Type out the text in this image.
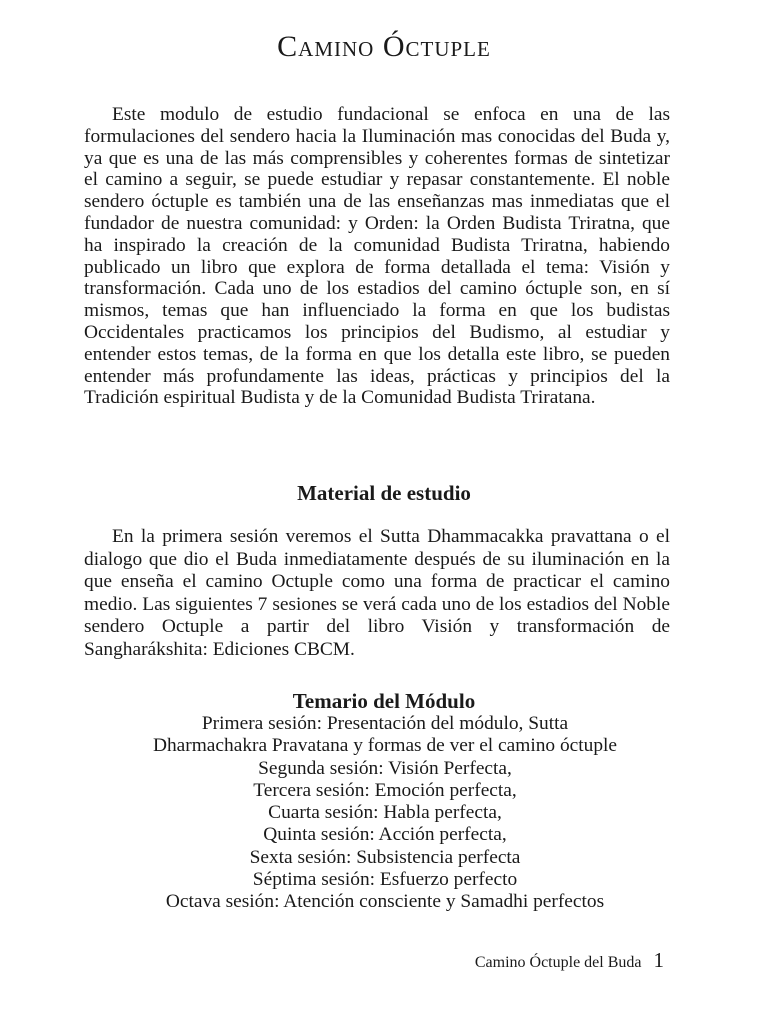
Camino Óctuple

Este modulo de estudio fundacional se enfoca en una de las formulaciones del sendero hacia la Iluminación mas conocidas del Buda y, ya que es una de las más comprensibles y coherentes formas de sintetizar el camino a seguir, se puede estudiar y repasar constantemente. El noble sendero óctuple es también una de las enseñanzas mas inmediatas que el fundador de nuestra comunidad: y Orden: la Orden Budista Triratna, que ha inspirado la creación de la comunidad Budista Triratna, habiendo publicado un libro que explora de forma detallada el tema: Visión y transformación. Cada uno de los estadios del camino óctuple son, en sí mismos, temas que han influenciado la forma en que los budistas Occidentales practicamos los principios del Budismo, al estudiar y entender estos temas, de la forma en que los detalla este libro, se pueden entender más profundamente las ideas, prácticas y principios del la Tradición espiritual Budista y de la Comunidad Budista Triratana.

Material de estudio

En la primera sesión veremos el Sutta Dhammacakka pravattana o el dialogo que dio el Buda inmediatamente después de su iluminación en la que enseña el camino Octuple como una forma de practicar el camino medio. Las siguientes 7 sesiones se verá cada uno de los estadios del Noble sendero Octuple a partir del libro Visión y transformación de Sangharákshita: Ediciones CBCM.

Temario del Módulo
Primera sesión: Presentación del módulo, Sutta
Dharmachakra Pravatana y formas de ver el camino óctuple
Segunda sesión: Visión Perfecta,
Tercera sesión: Emoción perfecta,
Cuarta sesión: Habla perfecta,
Quinta sesión: Acción perfecta,
Sexta sesión: Subsistencia perfecta
Séptima sesión: Esfuerzo perfecto
Octava sesión: Atención consciente y Samadhi perfectos
Camino Óctuple del Buda 1
